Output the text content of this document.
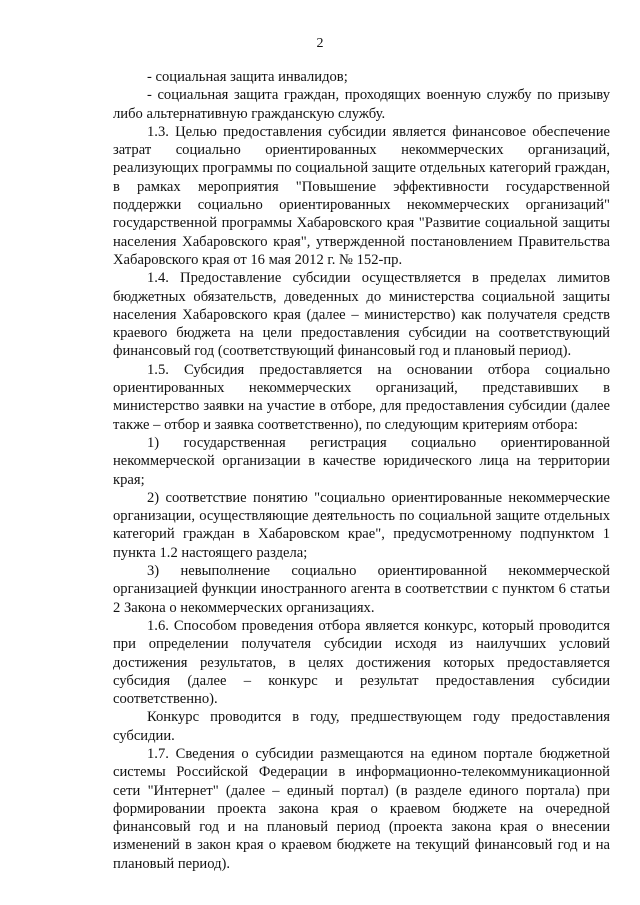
2

- социальная защита инвалидов;

- социальная защита граждан, проходящих военную службу по призыву либо альтернативную гражданскую службу.

1.3. Целью предоставления субсидии является финансовое обеспечение затрат социально ориентированных некоммерческих организаций, реализующих программы по социальной защите отдельных категорий граждан, в рамках мероприятия "Повышение эффективности государственной поддержки социально ориентированных некоммерческих организаций" государственной программы Хабаровского края "Развитие социальной защиты населения Хабаровского края", утвержденной постановлением Правительства Хабаровского края от 16 мая 2012 г. № 152-пр.

1.4. Предоставление субсидии осуществляется в пределах лимитов бюджетных обязательств, доведенных до министерства социальной защиты населения Хабаровского края (далее – министерство) как получателя средств краевого бюджета на цели предоставления субсидии на соответствующий финансовый год (соответствующий финансовый год и плановый период).

1.5. Субсидия предоставляется на основании отбора социально ориентированных некоммерческих организаций, представивших в министерство заявки на участие в отборе, для предоставления субсидии (далее также – отбор и заявка соответственно), по следующим критериям отбора:

1) государственная регистрация социально ориентированной некоммерческой организации в качестве юридического лица на территории края;

2) соответствие понятию "социально ориентированные некоммерческие организации, осуществляющие деятельность по социальной защите отдельных категорий граждан в Хабаровском крае", предусмотренному подпунктом 1 пункта 1.2 настоящего раздела;

3) невыполнение социально ориентированной некоммерческой организацией функции иностранного агента в соответствии с пунктом 6 статьи 2 Закона о некоммерческих организациях.

1.6. Способом проведения отбора является конкурс, который проводится при определении получателя субсидии исходя из наилучших условий достижения результатов, в целях достижения которых предоставляется субсидия (далее – конкурс и результат предоставления субсидии соответственно).

Конкурс проводится в году, предшествующем году предоставления субсидии.

1.7. Сведения о субсидии размещаются на едином портале бюджетной системы Российской Федерации в информационно-телекоммуникационной сети "Интернет" (далее – единый портал) (в разделе единого портала) при формировании проекта закона края о краевом бюджете на очередной финансовый год и на плановый период (проекта закона края о внесении изменений в закон края о краевом бюджете на текущий финансовый год и на плановый период).
